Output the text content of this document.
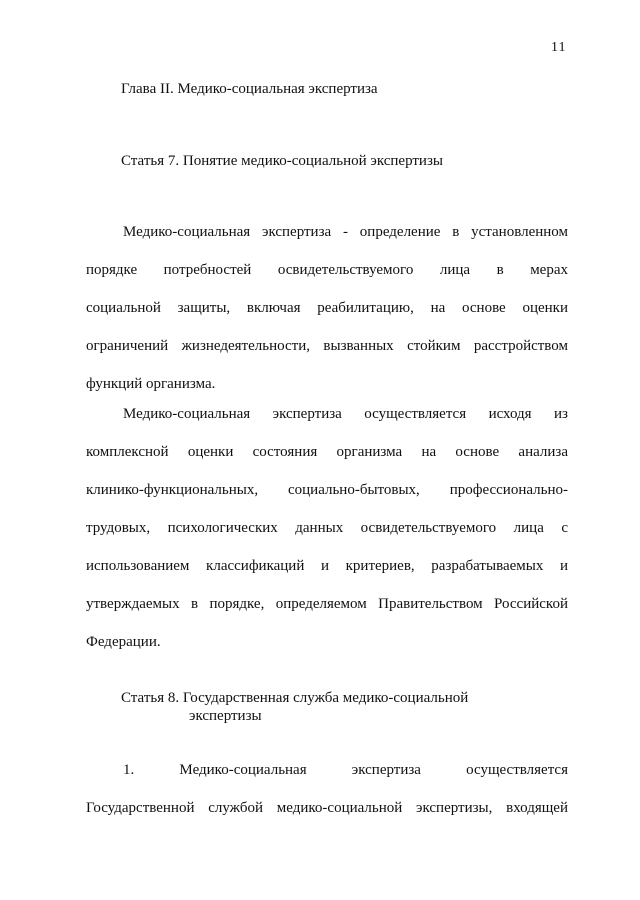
11
Глава II. Медико-социальная экспертиза
Статья 7. Понятие медико-социальной экспертизы
Медико-социальная экспертиза - определение в установленном
порядке потребностей освидетельствуемого лица в мерах
социальной защиты, включая реабилитацию, на основе оценки
ограничений жизнедеятельности, вызванных стойким расстройством
функций организма.
Медико-социальная экспертиза осуществляется исходя из
комплексной оценки состояния организма на основе анализа
клинико-функциональных, социально-бытовых, профессионально-
трудовых, психологических данных освидетельствуемого лица с
использованием классификаций и критериев, разрабатываемых и
утверждаемых в порядке, определяемом Правительством Российской
Федерации.
Статья 8. Государственная служба медико-социальной
экспертизы
1. Медико-социальная экспертиза осуществляется
Государственной службой медико-социальной экспертизы, входящей
